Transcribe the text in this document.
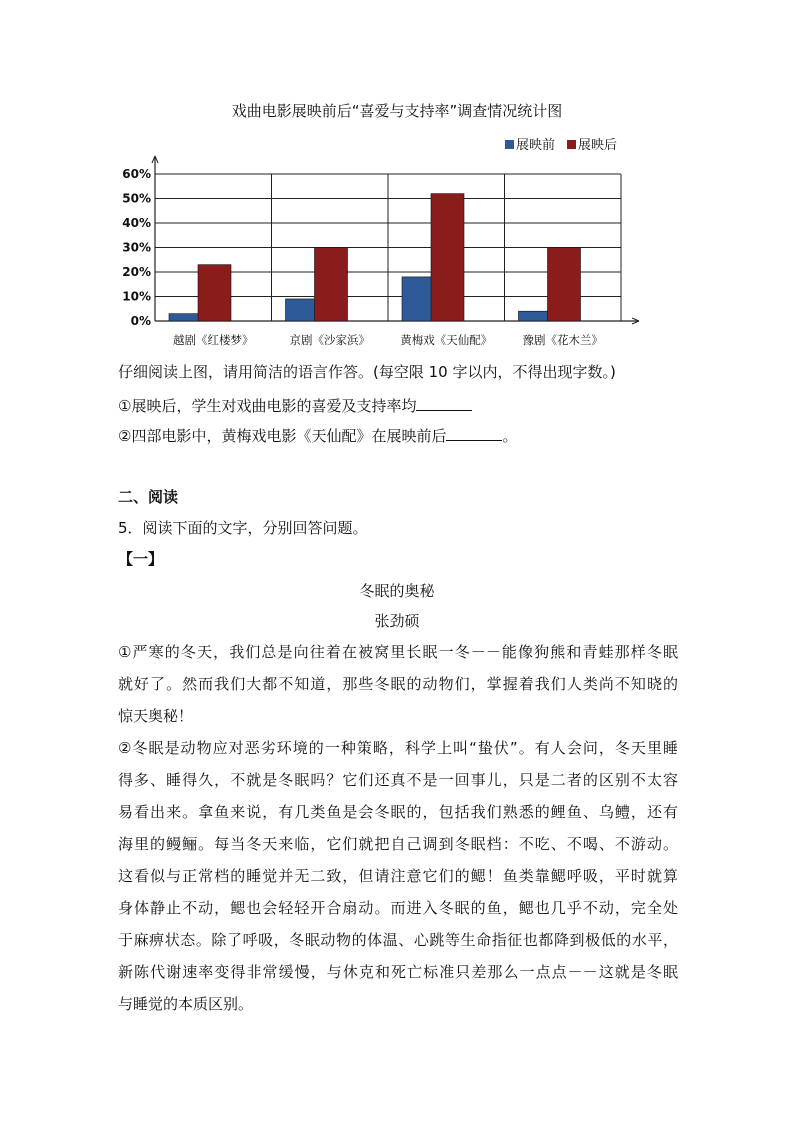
戏曲电影展映前后“喜爱与支持率”调查情况统计图
0%
10%
20%
30%
40%
50%
60%
越剧《红楼梦》	京剧《沙家浜》	黄梅戏《天仙配》	豫剧《花木兰》
展映前 展映后
仔细阅读上图，请用简洁的语言作答。(每空限 10 字以内，不得出现字数。)
①展映后，学生对戏曲电影的喜爱及支持率均
②四部电影中，黄梅戏电影《天仙配》在展映前后	。
二、阅读
5．阅读下面的文字，分别回答问题。
【一】
冬眠的奥秘
张劲硕
①严寒的冬天，我们总是向往着在被窝里长眠一冬－－能像狗熊和青蛙那样冬眠
就好了。然而我们大都不知道，那些冬眠的动物们，掌握着我们人类尚不知晓的
惊天奥秘！
②冬眠是动物应对恶劣环境的一种策略，科学上叫“蛰伏”。有人会问，冬天里睡
得多、睡得久，不就是冬眠吗？它们还真不是一回事儿，只是二者的区别不太容
易看出来。拿鱼来说，有几类鱼是会冬眠的，包括我们熟悉的鲤鱼、乌鳢，还有
海里的鳗鲡。每当冬天来临，它们就把自己调到冬眠档：不吃、不喝、不游动。
这看似与正常档的睡觉并无二致，但请注意它们的鳃！鱼类靠鳃呼吸，平时就算
身体静止不动，鳃也会轻轻开合扇动。而进入冬眠的鱼，鳃也几乎不动，完全处
于麻痹状态。除了呼吸，冬眠动物的体温、心跳等生命指征也都降到极低的水平，
新陈代谢速率变得非常缓慢，与休克和死亡标准只差那么一点点－－这就是冬眠
与睡觉的本质区别。
